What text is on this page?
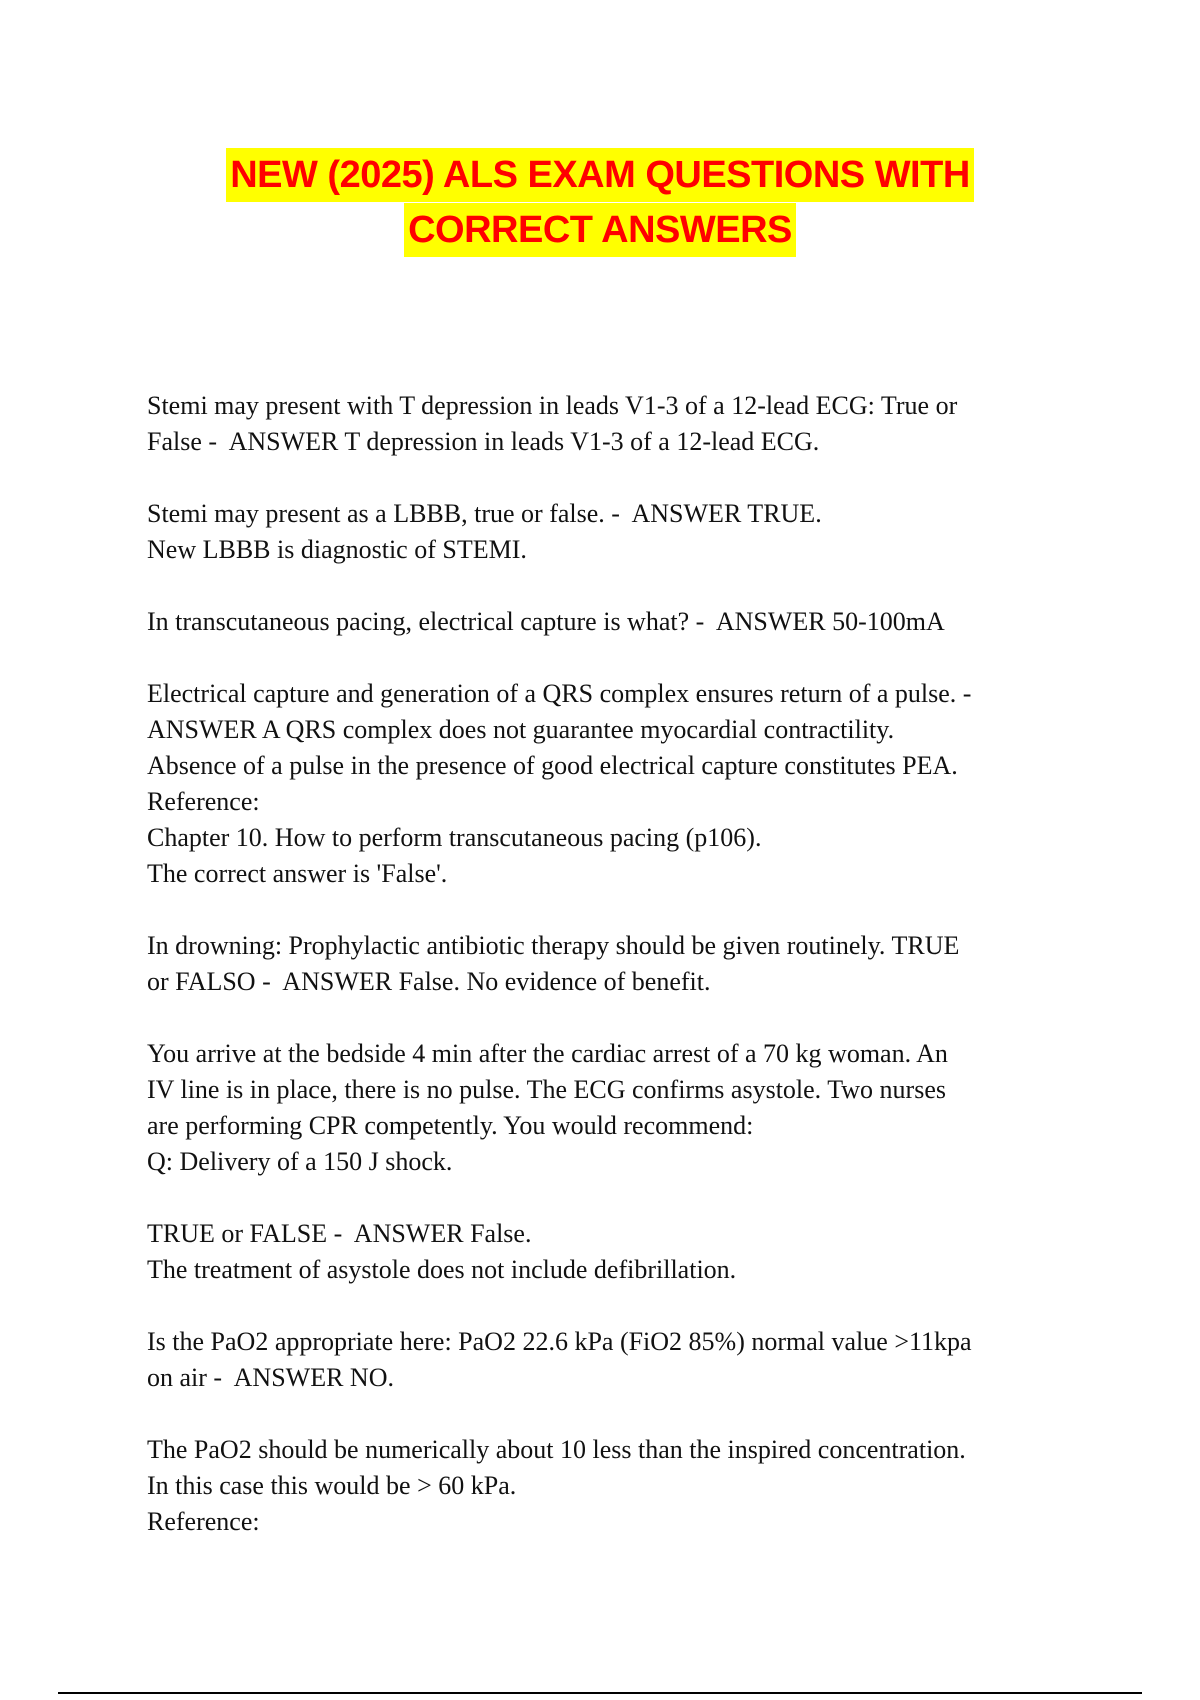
NEW (2025) ALS EXAM QUESTIONS WITH
CORRECT ANSWERS

Stemi may present with T depression in leads V1-3 of a 12-lead ECG: True or

False -  ANSWER T depression in leads V1-3 of a 12-lead ECG.

Stemi may present as a LBBB, true or false. -  ANSWER TRUE.

New LBBB is diagnostic of STEMI.

In transcutaneous pacing, electrical capture is what? -  ANSWER 50-100mA

Electrical capture and generation of a QRS complex ensures return of a pulse. -

ANSWER A QRS complex does not guarantee myocardial contractility.

Absence of a pulse in the presence of good electrical capture constitutes PEA.

Reference:

Chapter 10. How to perform transcutaneous pacing (p106).

The correct answer is 'False'.

In drowning: Prophylactic antibiotic therapy should be given routinely. TRUE

or FALSO -  ANSWER False. No evidence of benefit.

You arrive at the bedside 4 min after the cardiac arrest of a 70 kg woman. An

IV line is in place, there is no pulse. The ECG confirms asystole. Two nurses

are performing CPR competently. You would recommend:

Q: Delivery of a 150 J shock.

TRUE or FALSE -  ANSWER False.

The treatment of asystole does not include defibrillation.

Is the PaO2 appropriate here: PaO2 22.6 kPa (FiO2 85%) normal value >11kpa

on air -  ANSWER NO.

The PaO2 should be numerically about 10 less than the inspired concentration.

In this case this would be > 60 kPa.

Reference:
